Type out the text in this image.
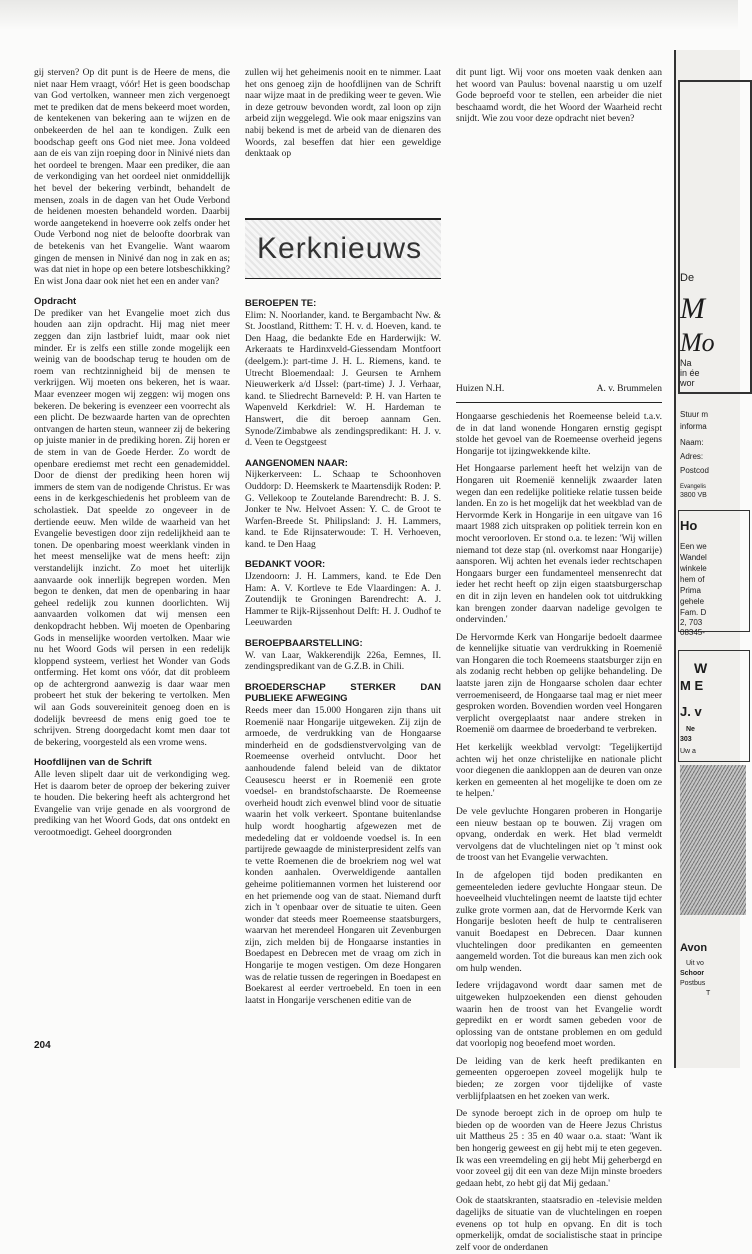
gij sterven? Op dit punt is de Heere de mens, die niet naar Hem vraagt, vóór! Het is geen boodschap van God vertolken, wanneer men zich vergenoegt met te prediken dat de mens bekeerd moet worden, de kentekenen van bekering aan te wijzen en de onbekeerden de hel aan te kondigen. Zulk een boodschap geeft ons God niet mee. Jona voldeed aan de eis van zijn roeping door in Ninivé niets dan het oordeel te brengen. Maar een prediker, die aan de verkondiging van het oordeel niet onmiddellijk het bevel der bekering verbindt, behandelt de mensen, zoals in de dagen van het Oude Verbond de heidenen moesten behandeld worden. Daarbij worde aangetekend in hoeverre ook zelfs onder het Oude Verbond nog niet de beloofte doorbrak van de betekenis van het Evangelie. Want waarom gingen de mensen in Ninivé dan nog in zak en as; was dat niet in hope op een betere lotsbeschikking? En wist Jona daar ook niet het een en ander van?

Opdracht

De prediker van het Evangelie moet zich dus houden aan zijn opdracht. Hij mag niet meer zeggen dan zijn lastbrief luidt, maar ook niet minder. Er is zelfs een stille zonde mogelijk een weinig van de boodschap terug te houden om de roem van rechtzinnigheid bij de mensen te verkrijgen. Wij moeten ons bekeren, het is waar. Maar evenzeer mogen wij zeggen: wij mogen ons bekeren. De bekering is evenzeer een voorrecht als een plicht. De bezwaarde harten van de oprechten ontvangen de harten steun, wanneer zij de bekering op juiste manier in de prediking horen. Zij horen er de stem in van de Goede Herder. Zo wordt de openbare erediemst met recht een genademiddel. Door de dienst der prediking heen horen wij immers de stem van de nodigende Christus. Er was eens in de kerkgeschiedenis het probleem van de scholastiek. Dat speelde zo ongeveer in de dertiende eeuw. Men wilde de waarheid van het Evangelie bevestigen door zijn redelijkheid aan te tonen. De openbaring moest weerklank vinden in het meest menselijke wat de mens heeft: zijn verstandelijk inzicht. Zo moet het uiterlijk aanvaarde ook innerlijk begrepen worden. Men begon te denken, dat men de openbaring in haar geheel redelijk zou kunnen doorlichten. Wij aanvaarden volkomen dat wij mensen een denkopdracht hebben. Wij moeten de Openbaring Gods in menselijke woorden vertolken. Maar wie nu het Woord Gods wil persen in een redelijk kloppend systeem, verliest het Wonder van Gods ontferming. Het komt ons vóór, dat dit probleem op de achtergrond aanwezig is daar waar men probeert het stuk der bekering te vertolken. Men wil aan Gods souvereiniteit genoeg doen en is dodelijk bevreesd de mens enig goed toe te schrijven. Streng doorgedacht komt men daar tot de bekering, voorgesteld als een vrome wens.

Hoofdlijnen van de Schrift

Alle leven slipelt daar uit de verkondiging weg. Het is daarom beter de oproep der bekering zuiver te houden. Die bekering heeft als achtergrond het Evangelie van vrije genade en als voorgrond de prediking van het Woord Gods, dat ons ontdekt en verootmoedigt. Geheel doorgronden

zullen wij het geheimenis nooit en te nimmer. Laat het ons genoeg zijn de hoofdlijnen van de Schrift naar wijze maat in de prediking weer te geven. Wie in deze getrouw bevonden wordt, zal loon op zijn arbeid zijn weggelegd. Wie ook maar enigszins van nabij bekend is met de arbeid van de dienaren des Woords, zal beseffen dat hier een geweldige denktaak op

dit punt ligt. Wij voor ons moeten vaak denken aan het woord van Paulus: bovenal naarstig u om uzelf Gode beproefd voor te stellen, een arbeider die niet beschaamd wordt, die het Woord der Waarheid recht snijdt. Wie zou voor deze opdracht niet beven?

Huizen N.H.	A. v. Brummelen
Kerknieuws
BEROEPEN TE:

Elim: N. Noorlander, kand. te Bergambacht Nw. & St. Joostland, Ritthem: T. H. v. d. Hoeven, kand. te Den Haag, die bedankte Ede en Harderwijk: W. Arkeraats te Hardinxveld-Giessendam Montfoort (deelgem.): part-time J. H. L. Riemens, kand. te Utrecht Bloemendaal: J. Geursen te Arnhem Nieuwerkerk a/d IJssel: (part-time) J. J. Verhaar, kand. te Sliedrecht Barneveld: P. H. van Harten te Wapenveld Kerkdriel: W. H. Hardeman te Hanswert, die dit beroep aannam Gen. Synode/Zimbabwe als zendingspredikant: H. J. v. d. Veen te Oegstgeest

AANGENOMEN NAAR:

Nijkerkerveen: L. Schaap te Schoonhoven Ouddorp: D. Heemskerk te Maartensdijk Roden: P. G. Vellekoop te Zoutelande Barendrecht: B. J. S. Jonker te Nw. Helvoet Assen: Y. C. de Groot te Warfen-Breede St. Philipsland: J. H. Lammers, kand. te Ede Rijnsaterwoude: T. H. Verhoeven, kand. te Den Haag

BEDANKT VOOR:

IJzendoorn: J. H. Lammers, kand. te Ede Den Ham: A. V. Kortleve te Ede Vlaardingen: A. J. Zoutendijk te Groningen Barendrecht: A. J. Hammer te Rijk-Rijssenhout Delft: H. J. Oudhof te Leeuwarden

BEROEPBAARSTELLING:

W. van Laar, Wakkerendijk 226a, Eemnes, II. zendingspredikant van de G.Z.B. in Chili.

BROEDERSCHAP STERKER DAN PUBLIEKE AFWEGING

Reeds meer dan 15.000 Hongaren zijn thans uit Roemenië naar Hongarije uitgeweken. Zij zijn de armoede, de verdrukking van de Hongaarse minderheid en de godsdienstvervolging van de Roemeense overheid ontvlucht. Door het aanhoudende falend beleid van de diktator Ceausescu heerst er in Roemenië een grote voedsel- en brandstofschaarste. De Roemeense overheid houdt zich evenwel blind voor de situatie waarin het volk verkeert. Spontane buitenlandse hulp wordt hooghartig afgewezen met de mededeling dat er voldoende voedsel is. In een partijrede gewaagde de ministerpresident zelfs van te vette Roemenen die de broekriem nog wel wat konden aanhalen. Overweldigende aantallen geheime politiemannen vormen het luisterend oor en het priemende oog van de staat. Niemand durft zich in 't openbaar over de situatie te uiten. Geen wonder dat steeds meer Roemeense staatsburgers, waarvan het merendeel Hongaren uit Zevenburgen zijn, zich melden bij de Hongaarse instanties in Boedapest en Debrecen met de vraag om zich in Hongarije te mogen vestigen. Om deze Hongaren was de relatie tussen de regeringen in Boedapest en Boekarest al eerder vertroebeld. En toen in een laatst in Hongarije verschenen editie van de

Hongaarse geschiedenis het Roemeense beleid t.a.v. de in dat land wonende Hongaren ernstig gegispt stolde het gevoel van de Roemeense overheid jegens Hongarije tot ijzingwekkende kilte.

Het Hongaarse parlement heeft het welzijn van de Hongaren uit Roemenië kennelijk zwaarder laten wegen dan een redelijke politieke relatie tussen beide landen. En zo is het mogelijk dat het weekblad van de Hervormde Kerk in Hongarije in een uitgave van 16 maart 1988 zich uitspraken op politiek terrein kon en mocht veroorloven. Er stond o.a. te lezen: 'Wij willen niemand tot deze stap (nl. overkomst naar Hongarije) aansporen. Wij achten het evenals ieder rechtschapen Hongaars burger een fundamenteel mensenrecht dat ieder het recht heeft op zijn eigen staatsburgerschap en dit in zijn leven en handelen ook tot uitdrukking kan brengen zonder daarvan nadelige gevolgen te ondervinden.'

De Hervormde Kerk van Hongarije bedoelt daarmee de kennelijke situatie van verdrukking in Roemenië van Hongaren die toch Roemeens staatsburger zijn en als zodanig recht hebben op gelijke behandeling. De laatste jaren zijn de Hongaarse scholen daar echter verroemeniseerd, de Hongaarse taal mag er niet meer gesproken worden. Bovendien worden veel Hongaren verplicht overgeplaatst naar andere streken in Roemenië om daarmee de broederband te verbreken.

Het kerkelijk weekblad vervolgt: 'Tegelijkertijd achten wij het onze christelijke en nationale plicht voor diegenen die aankloppen aan de deuren van onze kerken en gemeenten al het mogelijke te doen om ze te helpen.'

De vele gevluchte Hongaren proberen in Hongarije een nieuw bestaan op te bouwen. Zij vragen om opvang, onderdak en werk. Het blad vermeldt vervolgens dat de vluchtelingen niet op 't minst ook de troost van het Evangelie verwachten.

In de afgelopen tijd boden predikanten en gemeenteleden iedere gevluchte Hongaar steun. De hoeveelheid vluchtelingen neemt de laatste tijd echter zulke grote vormen aan, dat de Hervormde Kerk van Hongarije besloten heeft de hulp te centraliseren vanuit Boedapest en Debrecen. Daar kunnen vluchtelingen door predikanten en gemeenten aangemeld worden. Tot die bureaus kan men zich ook om hulp wenden.

Iedere vrijdagavond wordt daar samen met de uitgeweken hulpzoekenden een dienst gehouden waarin hen de troost van het Evangelie wordt gepredikt en er wordt samen gebeden voor de oplossing van de ontstane problemen en om geduld dat voorlopig nog beoefend moet worden.

De leiding van de kerk heeft predikanten en gemeenten opgeroepen zoveel mogelijk hulp te bieden; ze zorgen voor tijdelijke of vaste verblijfplaatsen en het zoeken van werk.

De synode beroept zich in de oproep om hulp te bieden op de woorden van de Heere Jezus Christus uit Mattheus 25 : 35 en 40 waar o.a. staat: 'Want ik ben hongerig geweest en gij hebt mij te eten gegeven. Ik was een vreemdeling en gij hebt Mij geherbergd en voor zoveel gij dit een van deze Mijn minste broeders gedaan hebt, zo hebt gij dat Mij gedaan.'

Ook de staatskranten, staatsradio en -televisie melden dagelijks de situatie van de vluchtelingen en roepen evenens op tot hulp en opvang. En dit is toch opmerkelijk, omdat de socialistische staat in principe zelf voor de onderdanen

204
De
M
Mo
Na
in ée
wor
Stuur m
informa
Naam:
Adres:
Postcod
Evangelis
3800 VB
Ho
Een we
Wandel
winkele
hem of
Prima
gehele
Fam. D
2, 703
08345-
W
M E
J. v
Ne
303
Uw a
Avon
Uit vo
Schoor
Postbus
T
